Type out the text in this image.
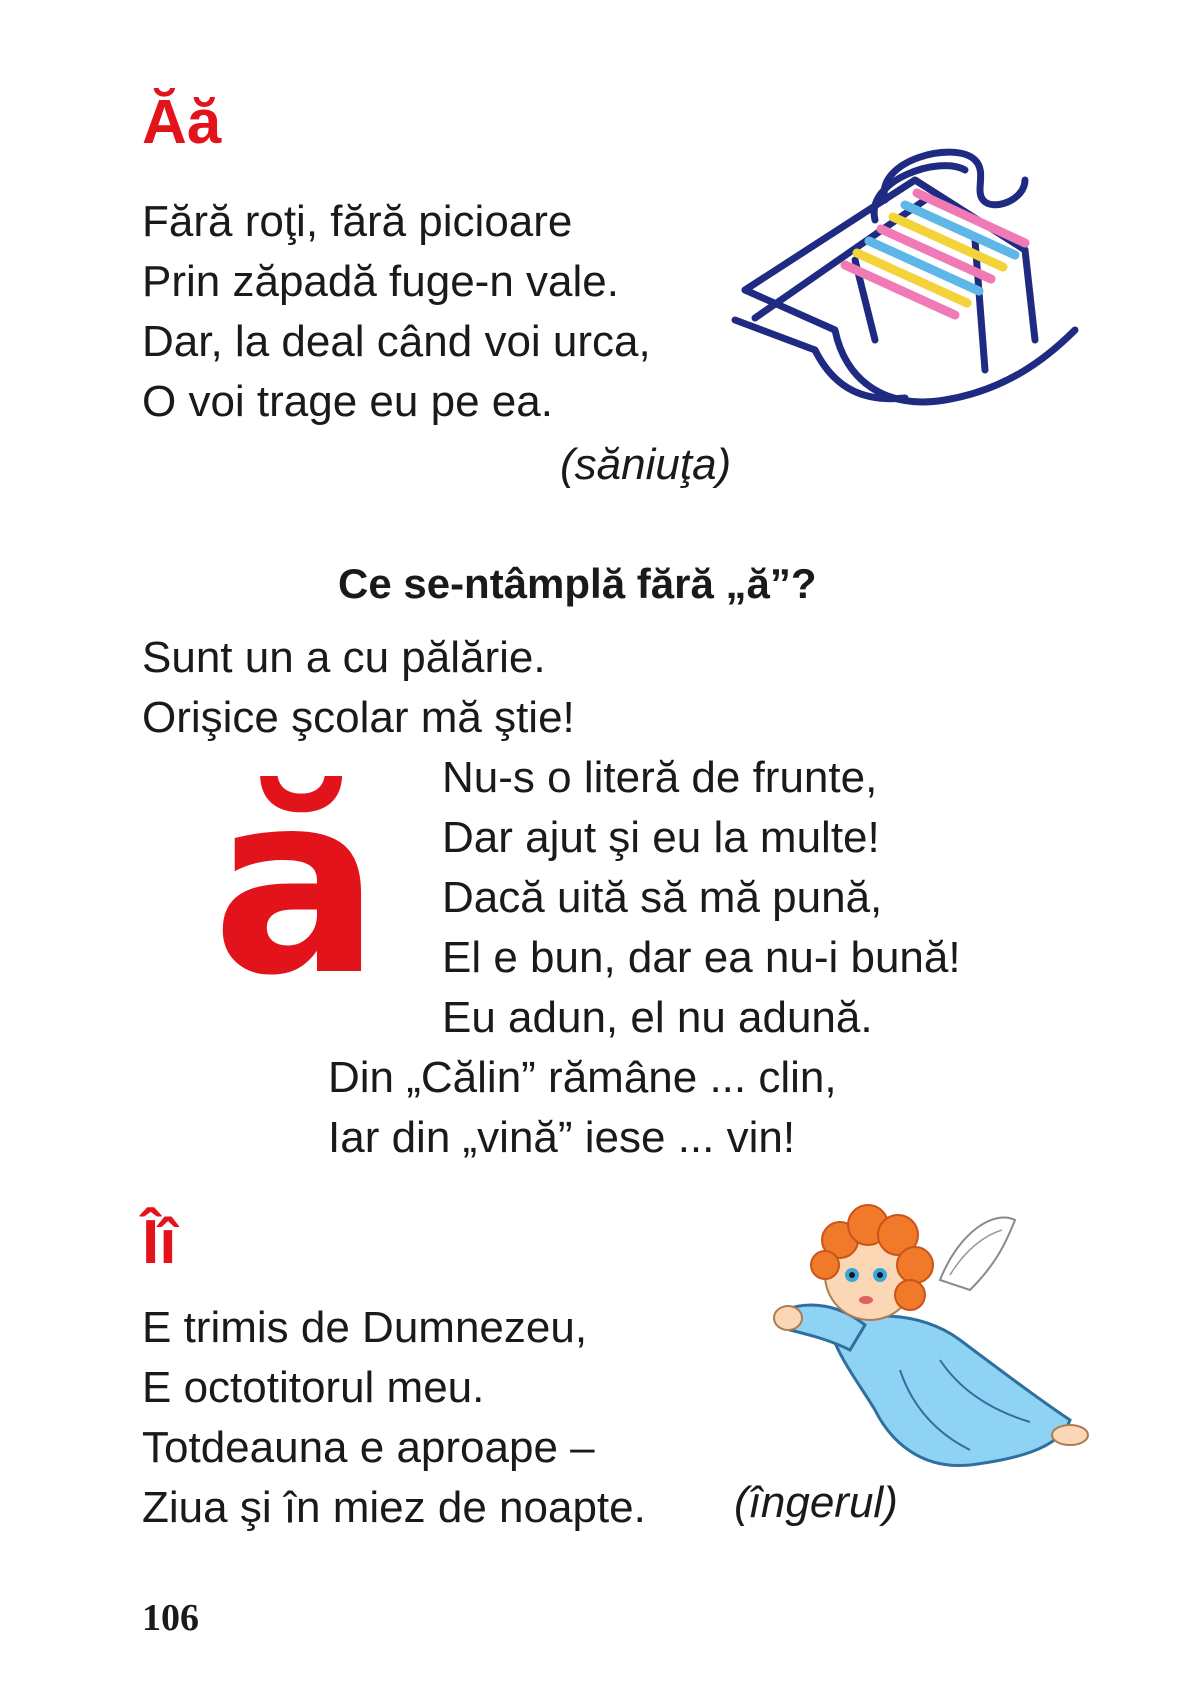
Ăă
Fără roţi, fără picioare
Prin zăpadă fuge-n vale.
Dar, la deal când voi urca,
O voi trage eu pe ea.
(săniuţa)
Ce se-ntâmplă fără „ă”?
Sunt un a cu pălărie.
Orişice şcolar mă ştie!
ă Nu-s o literă de frunte,
Dar ajut şi eu la multe!
Dacă uită să mă pună,
El e bun, dar ea nu-i bună!
Eu adun, el nu adună.
Din „Călin” rămâne ... clin,
Iar din „vină” iese ... vin!
Îî
E trimis de Dumnezeu,
E octotitorul meu.
Totdeauna e aproape –
Ziua şi în miez de noapte. (îngerul)
106
